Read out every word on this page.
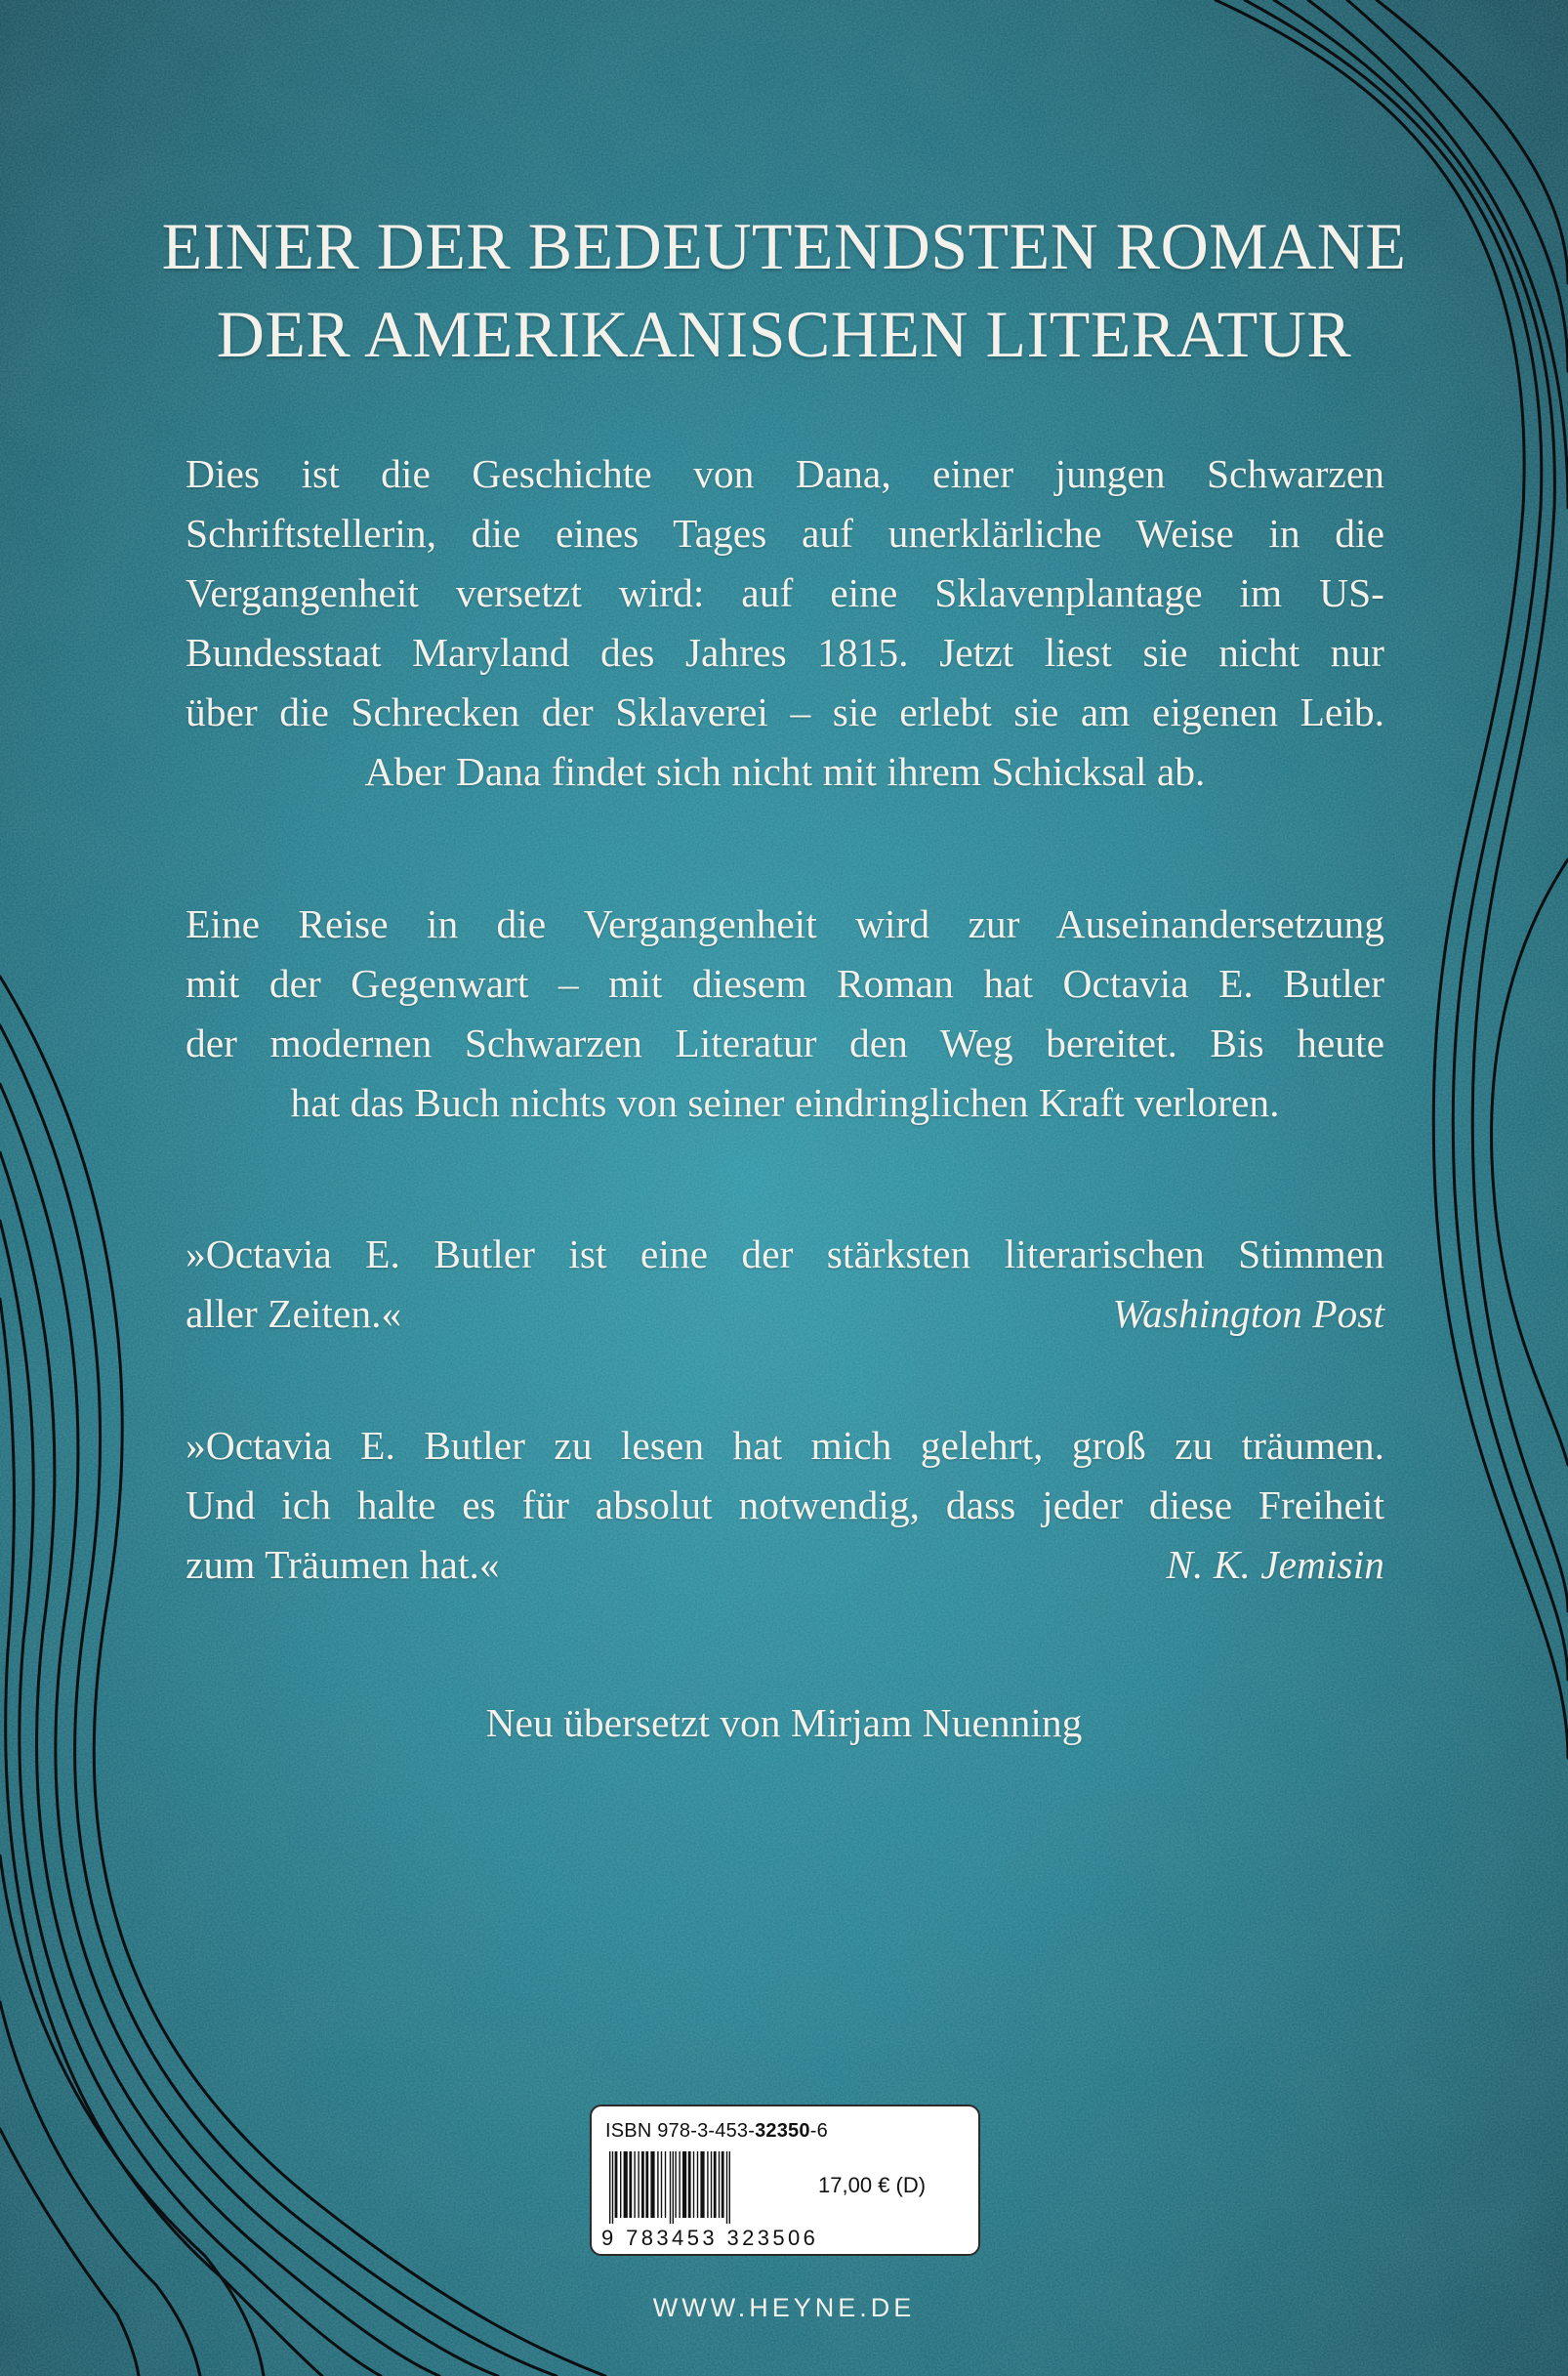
EINER DER BEDEUTENDSTEN ROMANE
DER AMERIKANISCHEN LITERATUR
Dies ist die Geschichte von Dana, einer jungen Schwarzen
Schriftstellerin, die eines Tages auf unerklärliche Weise in die
Vergangenheit versetzt wird: auf eine Sklavenplantage im US-
Bundesstaat Maryland des Jahres 1815. Jetzt liest sie nicht nur
über die Schrecken der Sklaverei – sie erlebt sie am eigenen Leib.
Aber Dana findet sich nicht mit ihrem Schicksal ab.
Eine Reise in die Vergangenheit wird zur Auseinandersetzung
mit der Gegenwart – mit diesem Roman hat Octavia E. Butler
der modernen Schwarzen Literatur den Weg bereitet. Bis heute
hat das Buch nichts von seiner eindringlichen Kraft verloren.
»Octavia E. Butler ist eine der stärksten literarischen Stimmen
aller Zeiten.«	Washington Post
»Octavia E. Butler zu lesen hat mich gelehrt, groß zu träumen.
Und ich halte es für absolut notwendig, dass jeder diese Freiheit
zum Träumen hat.«	N. K. Jemisin
Neu übersetzt von Mirjam Nuenning
ISBN 978-3-453-32350-6
9 783453 323506
17,00 € (D)
WWW.HEYNE.DE
